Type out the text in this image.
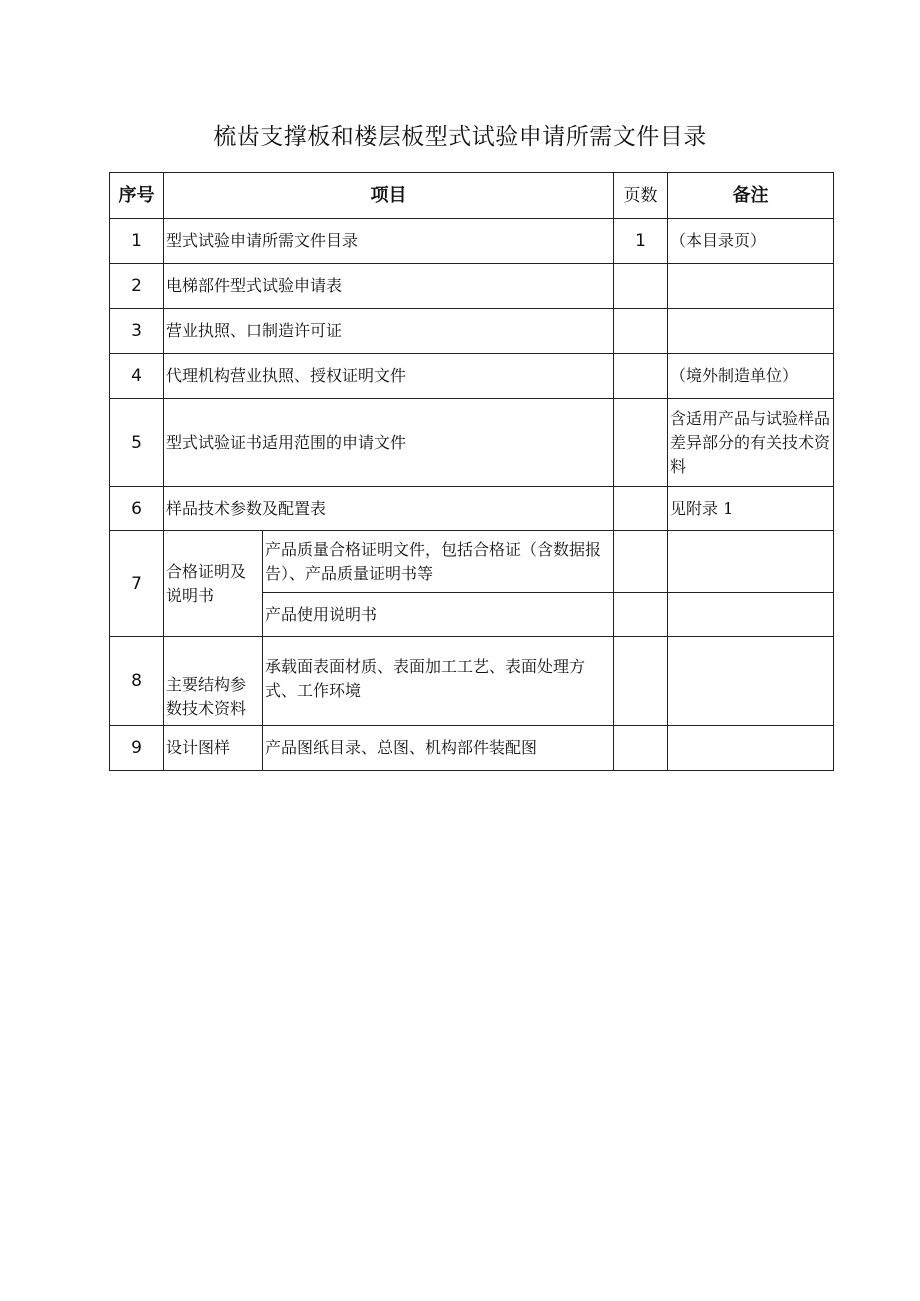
梳齿支撑板和楼层板型式试验申请所需文件目录
序号	项目		页数	备注
1	型式试验申请所需文件目录		1	（本目录页）
2	电梯部件型式试验申请表			
3	营业执照、口制造许可证			
4	代理机构营业执照、授权证明文件			（境外制造单位）
5	型式试验证书适用范围的申请文件			含适用产品与试验样品差异部分的有关技术资料
6	样品技术参数及配置表			见附录 1
7	合格证明及说明书	产品质量合格证明文件，包括合格证（含数据报告）、产品质量证明书等		
		产品使用说明书		
8	主要结构参数技术资料	承载面表面材质、表面加工工艺、表面处理方式、工作环境		
9	设计图样	产品图纸目录、总图、机构部件装配图		
